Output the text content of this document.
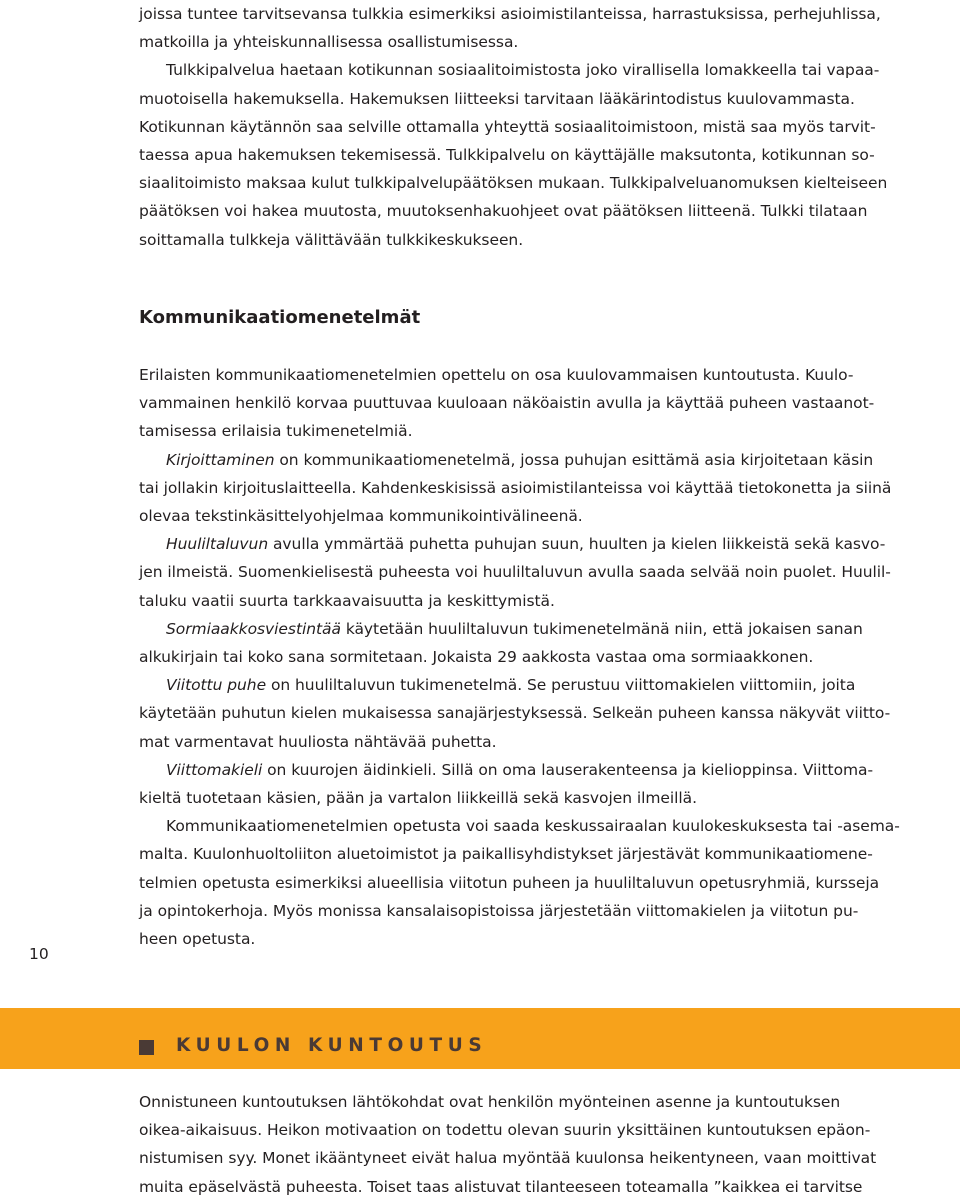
joissa tuntee tarvitsevansa tulkkia esimerkiksi asioimistilanteissa, harrastuksissa, perhejuhlissa,
matkoilla ja yhteiskunnallisessa osallistumisessa.
Tulkkipalvelua haetaan kotikunnan sosiaalitoimistosta joko virallisella lomakkeella tai vapaa-
muotoisella hakemuksella. Hakemuksen liitteeksi tarvitaan lääkärintodistus kuulovammasta.
Kotikunnan käytännön saa selville ottamalla yhteyttä sosiaalitoimistoon, mistä saa myös tarvit-
taessa apua hakemuksen tekemisessä. Tulkkipalvelu on käyttäjälle maksutonta, kotikunnan so-
siaalitoimisto maksaa kulut tulkkipalvelupäätöksen mukaan. Tulkkipalveluanomuksen kielteiseen
päätöksen voi hakea muutosta, muutoksenhakuohjeet ovat päätöksen liitteenä. Tulkki tilataan
soittamalla tulkkeja välittävään tulkkikeskukseen.
Kommunikaatiomenetelmät
Erilaisten kommunikaatiomenetelmien opettelu on osa kuulovammaisen kuntoutusta. Kuulo-
vammainen henkilö korvaa puuttuvaa kuuloaan näköaistin avulla ja käyttää puheen vastaanot-
tamisessa erilaisia tukimenetelmiä.
Kirjoittaminen on kommunikaatiomenetelmä, jossa puhujan esittämä asia kirjoitetaan käsin
tai jollakin kirjoituslaitteella. Kahdenkeskisissä asioimistilanteissa voi käyttää tietokonetta ja siinä
olevaa tekstinkäsittelyohjelmaa kommunikointivälineenä.
Huuliltaluvun avulla ymmärtää puhetta puhujan suun, huulten ja kielen liikkeistä sekä kasvo-
jen ilmeistä. Suomenkielisestä puheesta voi huuliltaluvun avulla saada selvää noin puolet. Huulil-
taluku vaatii suurta tarkkaavaisuutta ja keskittymistä.
Sormiaakkosviestintää käytetään huuliltaluvun tukimenetelmänä niin, että jokaisen sanan
alkukirjain tai koko sana sormitetaan. Jokaista 29 aakkosta vastaa oma sormiaakkonen.
Viitottu puhe on huuliltaluvun tukimenetelmä. Se perustuu viittomakielen viittomiin, joita
käytetään puhutun kielen mukaisessa sanajärjestyksessä. Selkeän puheen kanssa näkyvät viitto-
mat varmentavat huuliosta nähtävää puhetta.
Viittomakieli on kuurojen äidinkieli. Sillä on oma lauserakenteensa ja kielioppinsa. Viittoma-
kieltä tuotetaan käsien, pään ja vartalon liikkeillä sekä kasvojen ilmeillä.
Kommunikaatiomenetelmien opetusta voi saada keskussairaalan kuulokeskuksesta tai -asema-
malta. Kuulonhuoltoliiton aluetoimistot ja paikallisyhdistykset järjestävät kommunikaatiomene-
telmien opetusta esimerkiksi alueellisia viitotun puheen ja huuliltaluvun opetusryhmiä, kursseja
ja opintokerhoja. Myös monissa kansalaisopistoissa järjestetään viittomakielen ja viitotun pu-
heen opetusta.
10
KUULON KUNTOUTUS
Onnistuneen kuntoutuksen lähtökohdat ovat henkilön myönteinen asenne ja kuntoutuksen
oikea-aikaisuus. Heikon motivaation on todettu olevan suurin yksittäinen kuntoutuksen epäon-
nistumisen syy. Monet ikääntyneet eivät halua myöntää kuulonsa heikentyneen, vaan moittivat
muita epäselvästä puheesta. Toiset taas alistuvat tilanteeseen toteamalla ”kaikkea ei tarvitse
